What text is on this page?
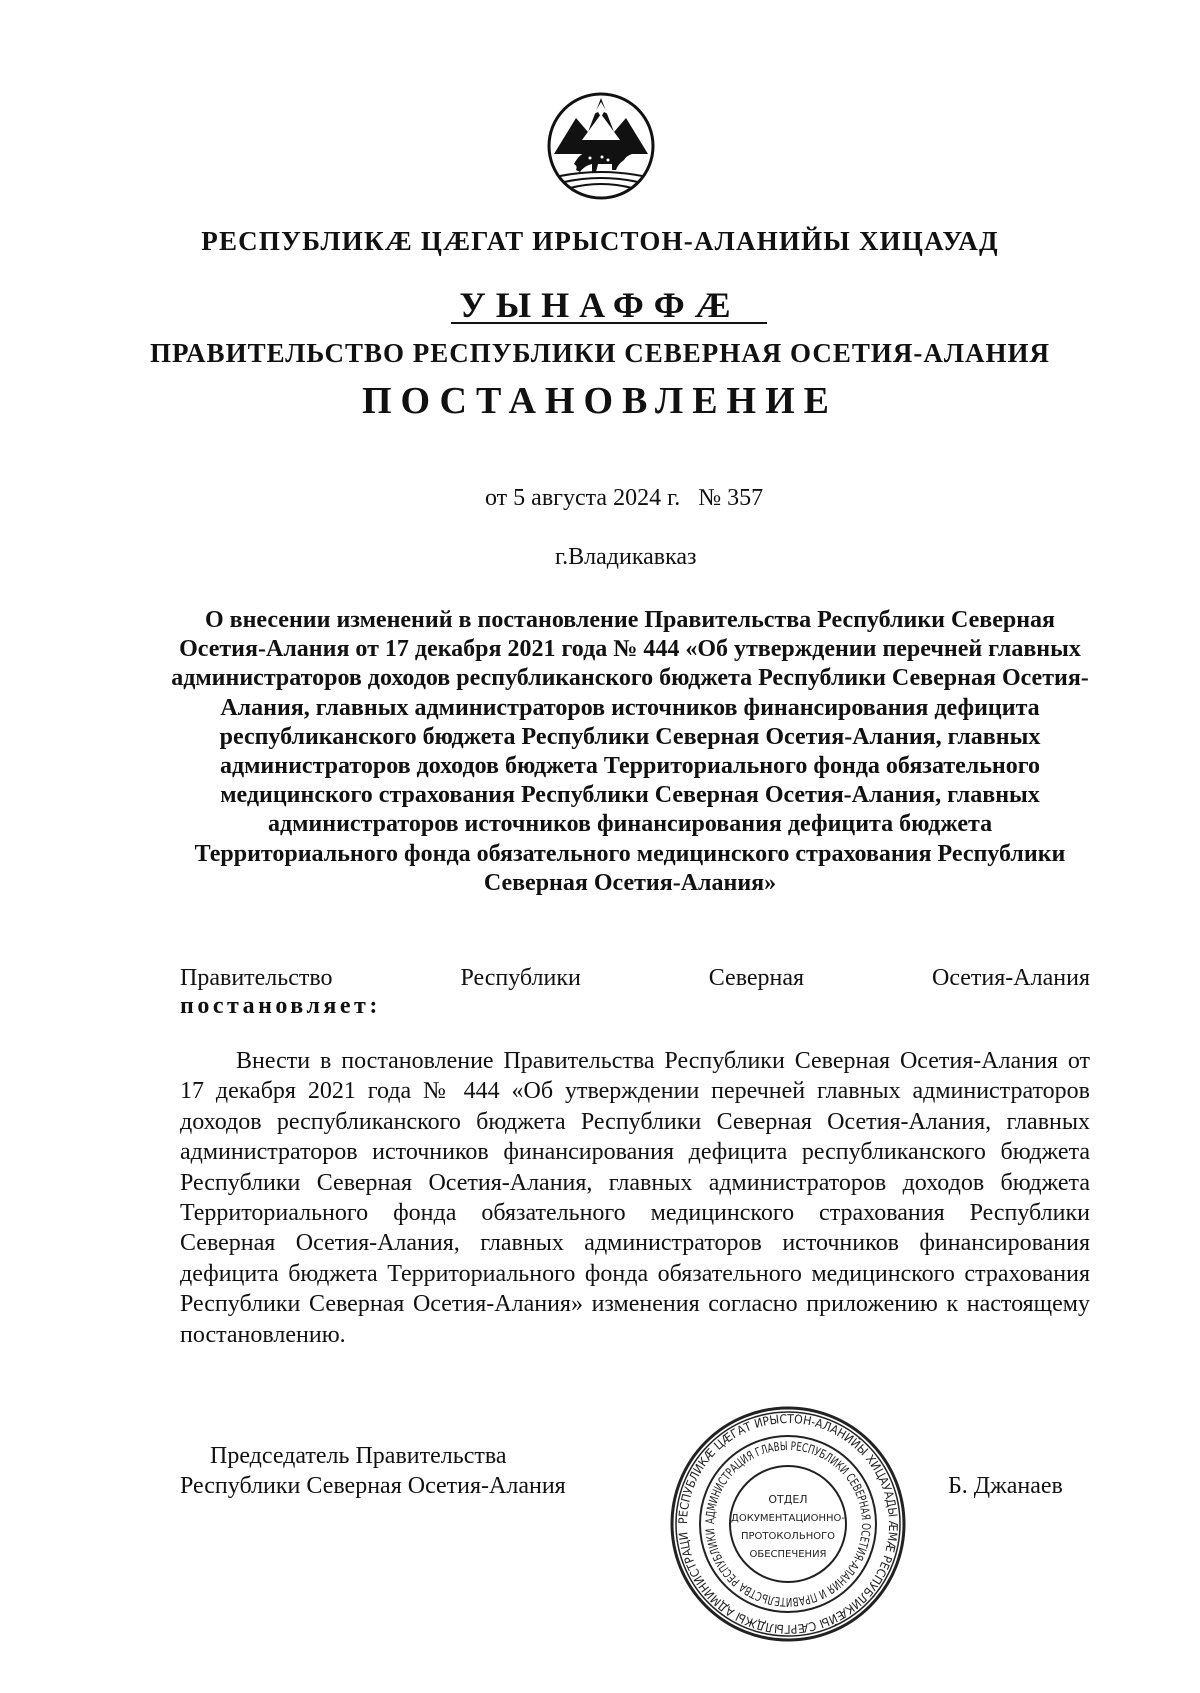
РЕСПУБЛИКÆ ЦÆГАТ ИРЫСТОН-АЛАНИЙЫ ХИЦАУАД
УЫНАФФÆ
ПРАВИТЕЛЬСТВО РЕСПУБЛИКИ СЕВЕРНАЯ ОСЕТИЯ-АЛАНИЯ
ПОСТАНОВЛЕНИЕ
от 5 августа 2024 г.   № 357
г.Владикавказ
О внесении изменений в постановление Правительства Республики Северная Осетия-Алания от 17 декабря 2021 года № 444 «Об утверждении перечней главных администраторов доходов республиканского бюджета Республики Северная Осетия-Алания, главных администраторов источников финансирования дефицита республиканского бюджета Республики Северная Осетия-Алания, главных администраторов доходов бюджета Территориального фонда обязательного медицинского страхования Республики Северная Осетия-Алания, главных администраторов источников финансирования дефицита бюджета Территориального фонда обязательного медицинского страхования Республики Северная Осетия-Алания»
Правительство	Республики	Северная	Осетия-Алания
постановляет:
Внести в постановление Правительства Республики Северная Осетия-Алания от 17 декабря 2021 года № 444 «Об утверждении перечней главных администраторов доходов республиканского бюджета Республики Северная Осетия-Алания, главных администраторов источников финансирования дефицита республиканского бюджета Республики Северная Осетия-Алания, главных администраторов доходов бюджета Территориального фонда обязательного медицинского страхования Республики Северная Осетия-Алания, главных администраторов источников финансирования дефицита бюджета Территориального фонда обязательного медицинского страхования Республики Северная Осетия-Алания» изменения согласно приложению к настоящему постановлению.
Председатель Правительства
Республики Северная Осетия-Алания	Б. Джанаев
РЕСПУБЛИКÆ ЦÆГАТ ИРЫСТОН-АЛАНИЙЫ ХИЦАУАДЫ ÆМÆ РЕСПУБЛИКÆЙЫ СÆРГЫЛДЖЫ АДМИНИСТРАЦИ
АДМИНИСТРАЦИЯ ГЛАВЫ РЕСПУБЛИКИ СЕВЕРНАЯ ОСЕТИЯ-АЛАНИЯ И ПРАВИТЕЛЬСТВА РЕСПУБЛИКИ
ОТДЕЛ
ДОКУМЕНТАЦИОННО-
ПРОТОКОЛЬНОГО
ОБЕСПЕЧЕНИЯ
